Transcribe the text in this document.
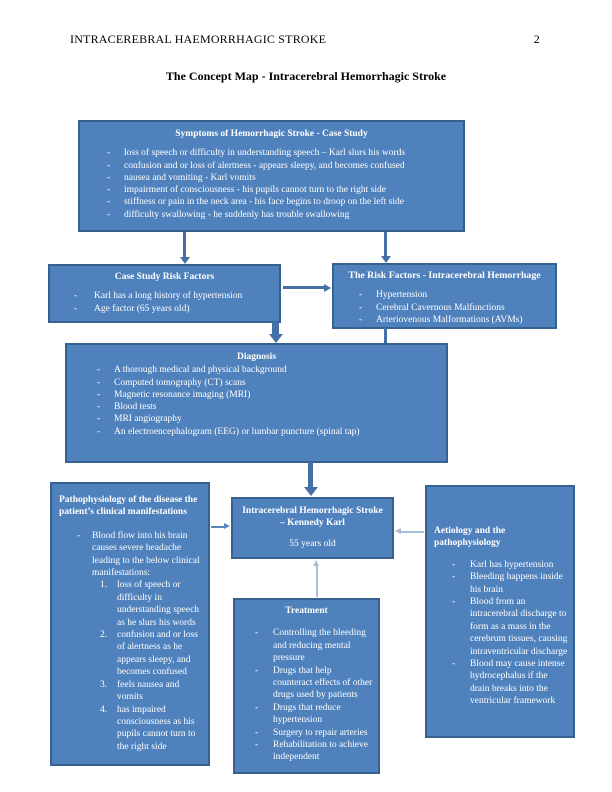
INTRACEREBRAL HAEMORRHAGIC STROKE	2
The Concept Map - Intracerebral Hemorrhagic Stroke
Symptoms of Hemorrhagic Stroke - Case Study
-	loss of speech or difficulty in understanding speech – Karl slurs his words
-	confusion and or loss of alertness - appears sleepy, and becomes confused
-	nausea and vomiting - Karl vomits
-	impairment of consciousness - his pupils cannot turn to the right side
-	stiffness or pain in the neck area - his face begins to droop on the left side
-	difficulty swallowing - he suddenly has trouble swallowing
Case Study Risk Factors
-	Karl has a long history of hypertension
-	Age factor (65 years old)
The Risk Factors - Intracerebral Hemorrhage
-	Hypertension
-	Cerebral Cavernous Malfunctions
-	Arteriovenous Malformations (AVMs)
Diagnosis
-	A thorough medical and physical background
-	Computed tomography (CT) scans
-	Magnetic resonance imaging (MRI)
-	Blood tests
-	MRI angiography
-	An electroencephalogram (EEG) or lumbar puncture (spinal tap)
Pathophysiology of the disease the patient’s clinical manifestations
-	Blood flow into his brain causes severe headache leading to the below clinical manifestations:
1.	loss of speech or difficulty in understanding speech as he slurs his words
2.	confusion and or loss of alertness as he appears sleepy, and becomes confused
3.	feels nausea and vomits
4.	has impaired consciousness as his pupils cannot turn to the right side
Intracerebral Hemorrhagic Stroke – Kennedy Karl
55 years old
Treatment
-	Controlling the bleeding and reducing mental pressure
-	Drugs that help counteract effects of other drugs used by patients
-	Drugs that reduce hypertension
-	Surgery to repair arteries
-	Rehabilitation to achieve independent
Aetiology and the pathophysiology
-	Karl has hypertension
-	Bleeding happens inside his brain
-	Blood from an intracerebral discharge to form as a mass in the cerebrum tissues, causing intraventricular discharge
-	Blood may cause intense hydrocephalus if the drain breaks into the ventricular framework
